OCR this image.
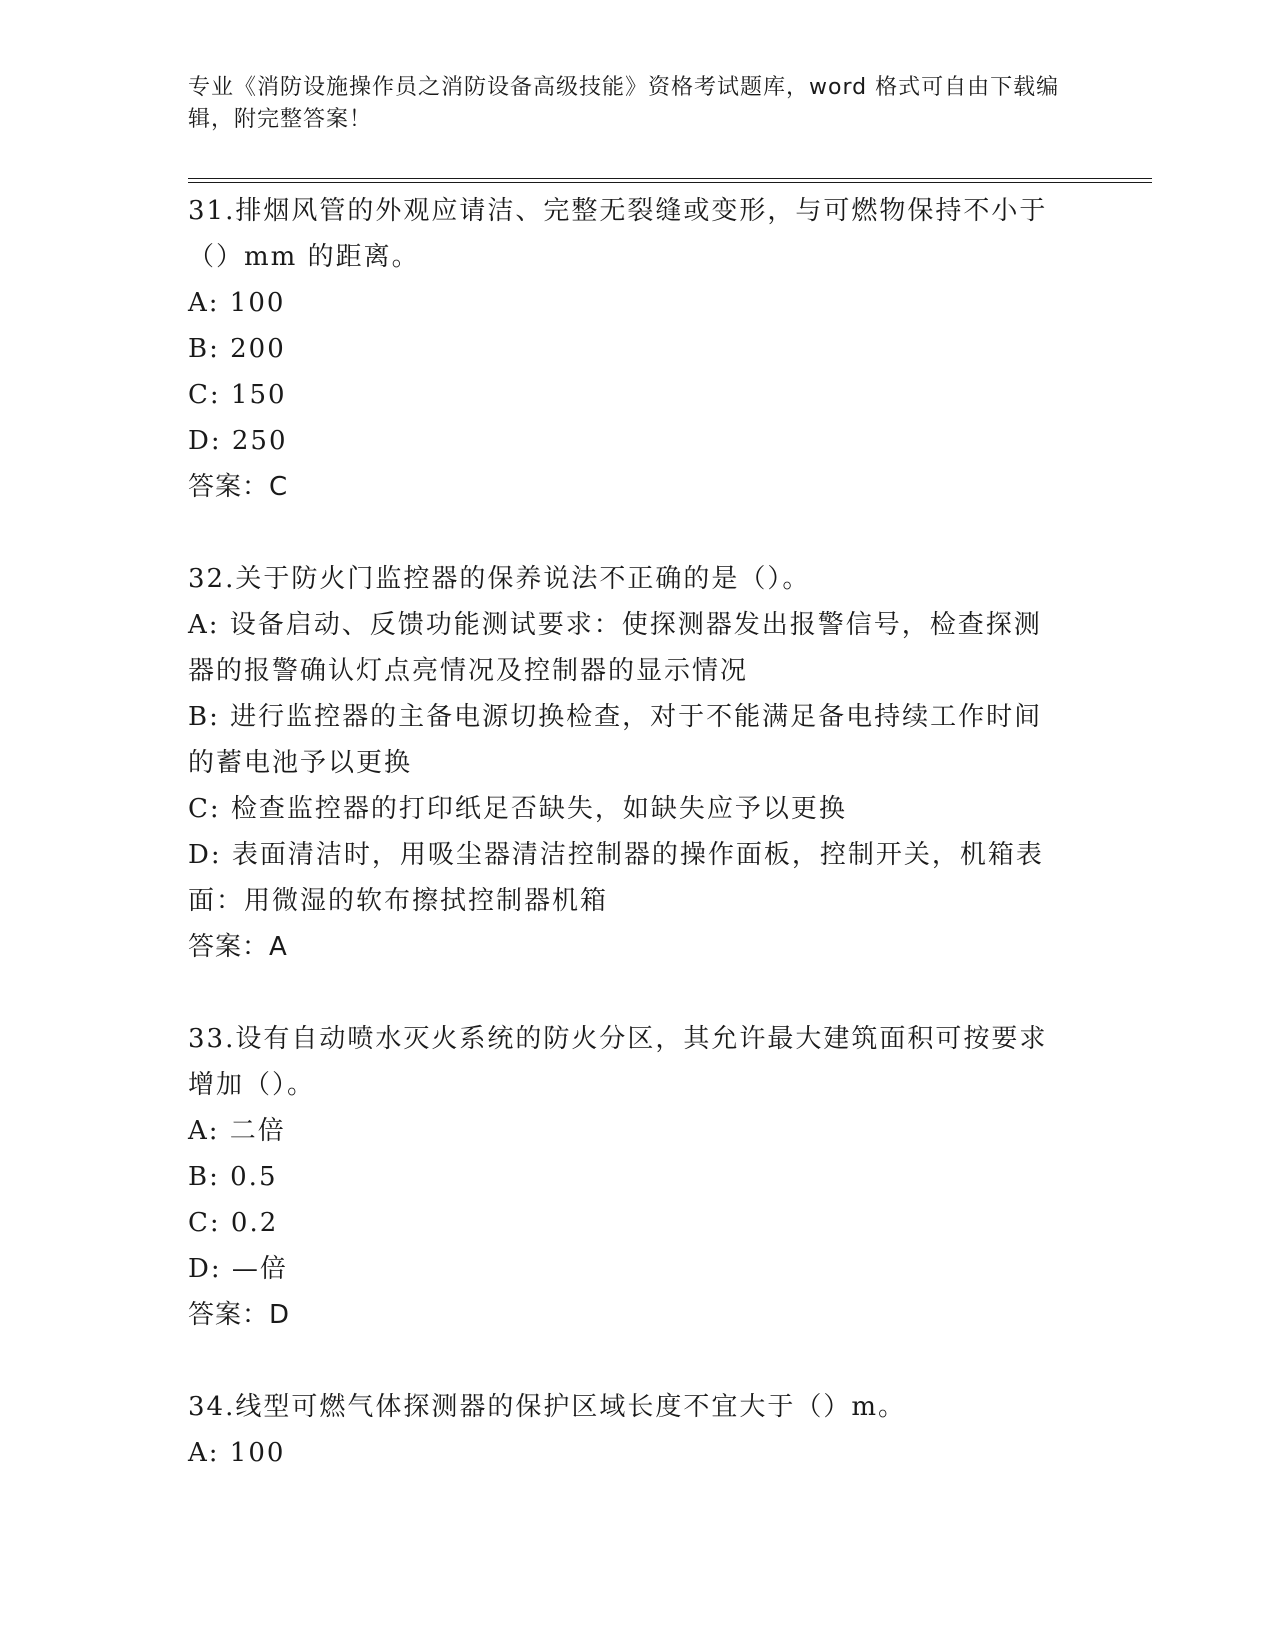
专业《消防设施操作员之消防设备高级技能》资格考试题库，word 格式可自由下载编辑，附完整答案！

31.排烟风管的外观应请洁、完整无裂缝或变形，与可燃物保持不小于（）mm 的距离。

A: 100

B: 200

C: 150

D: 250

答案：C

32.关于防火门监控器的保养说法不正确的是（）。

A: 设备启动、反馈功能测试要求：使探测器发出报警信号，检查探测器的报警确认灯点亮情况及控制器的显示情况

B: 进行监控器的主备电源切换检查，对于不能满足备电持续工作时间的蓄电池予以更换

C: 检查监控器的打印纸足否缺失，如缺失应予以更换

D: 表面清洁时，用吸尘器清洁控制器的操作面板，控制开关，机箱表面：用微湿的软布擦拭控制器机箱

答案：A

33.设有自动喷水灭火系统的防火分区，其允许最大建筑面积可按要求增加（）。

A: 二倍

B: 0.5

C: 0.2

D: —倍

答案：D

34.线型可燃气体探测器的保护区域长度不宜大于（）m。

A: 100
